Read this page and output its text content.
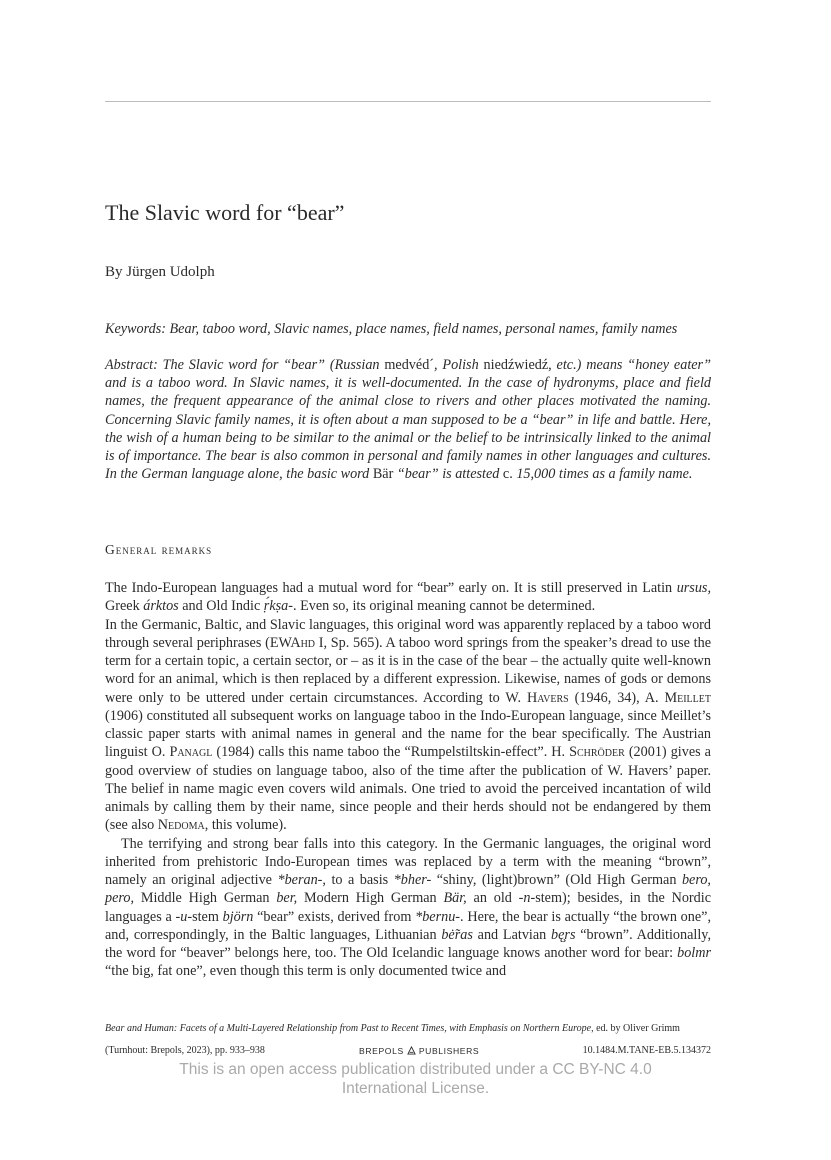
The Slavic word for “bear”
By Jürgen Udolph
Keywords: Bear, taboo word, Slavic names, place names, field names, personal names, family names
Abstract: The Slavic word for “bear” (Russian medvéd´, Polish niedźwiedź, etc.) means “honey eater” and is a taboo word. In Slavic names, it is well-documented. In the case of hydronyms, place and field names, the frequent appearance of the animal close to rivers and other places motivated the naming. Concerning Slavic family names, it is often about a man supposed to be a “bear” in life and battle. Here, the wish of a human being to be similar to the animal or the belief to be intrinsically linked to the animal is of importance. The bear is also common in personal and family names in other languages and cultures. In the German language alone, the basic word Bär “bear” is attested c. 15,000 times as a family name.
General remarks

The Indo-European languages had a mutual word for “bear” early on. It is still preserved in Latin ursus, Greek árktos and Old Indic ṛ́kṣa-. Even so, its original meaning cannot be determined.

In the Germanic, Baltic, and Slavic languages, this original word was apparently replaced by a taboo word through several periphrases (EWAhd I, Sp. 565). A taboo word springs from the speaker’s dread to use the term for a certain topic, a certain sector, or – as it is in the case of the bear – the actually quite well-known word for an animal, which is then replaced by a different expression. Likewise, names of gods or demons were only to be uttered under certain circumstances. According to W. Havers (1946, 34), A. Meillet (1906) constituted all subsequent works on language taboo in the Indo-European language, since Meillet’s classic paper starts with animal names in general and the name for the bear specifically. The Austrian linguist O. Panagl (1984) calls this name taboo the “Rumpelstiltskin-effect”. H. Schröder (2001) gives a good overview of studies on language taboo, also of the time after the publication of W. Havers’ paper. The belief in name magic even covers wild animals. One tried to avoid the perceived incantation of wild animals by calling them by their name, since people and their herds should not be endangered by them (see also Nedoma, this volume).

The terrifying and strong bear falls into this category. In the Germanic languages, the original word inherited from prehistoric Indo-European times was replaced by a term with the meaning “brown”, namely an original adjective *beran-, to a basis *bher- “shiny, (light)brown” (Old High German bero, pero, Middle High German ber, Modern High German Bär, an old -n-stem); besides, in the Nordic languages a -u-stem björn “bear” exists, derived from *bernu-. Here, the bear is actually “the brown one”, and, correspondingly, in the Baltic languages, Lithuanian bė̃ras and Latvian bę̧rs “brown”. Additionally, the word for “beaver” belongs here, too. The Old Icelandic language knows another word for bear: bolmr “the big, fat one”, even though this term is only documented twice and

Bear and Human: Facets of a Multi-Layered Relationship from Past to Recent Times, with Emphasis on Northern Europe, ed. by Oliver Grimm
(Turnhout: Brepols, 2023), pp. 933–938	BREPOLS PUBLISHERS	10.1484.M.TANE-EB.5.134372
This is an open access publication distributed under a CC BY-NC 4.0
International License.
